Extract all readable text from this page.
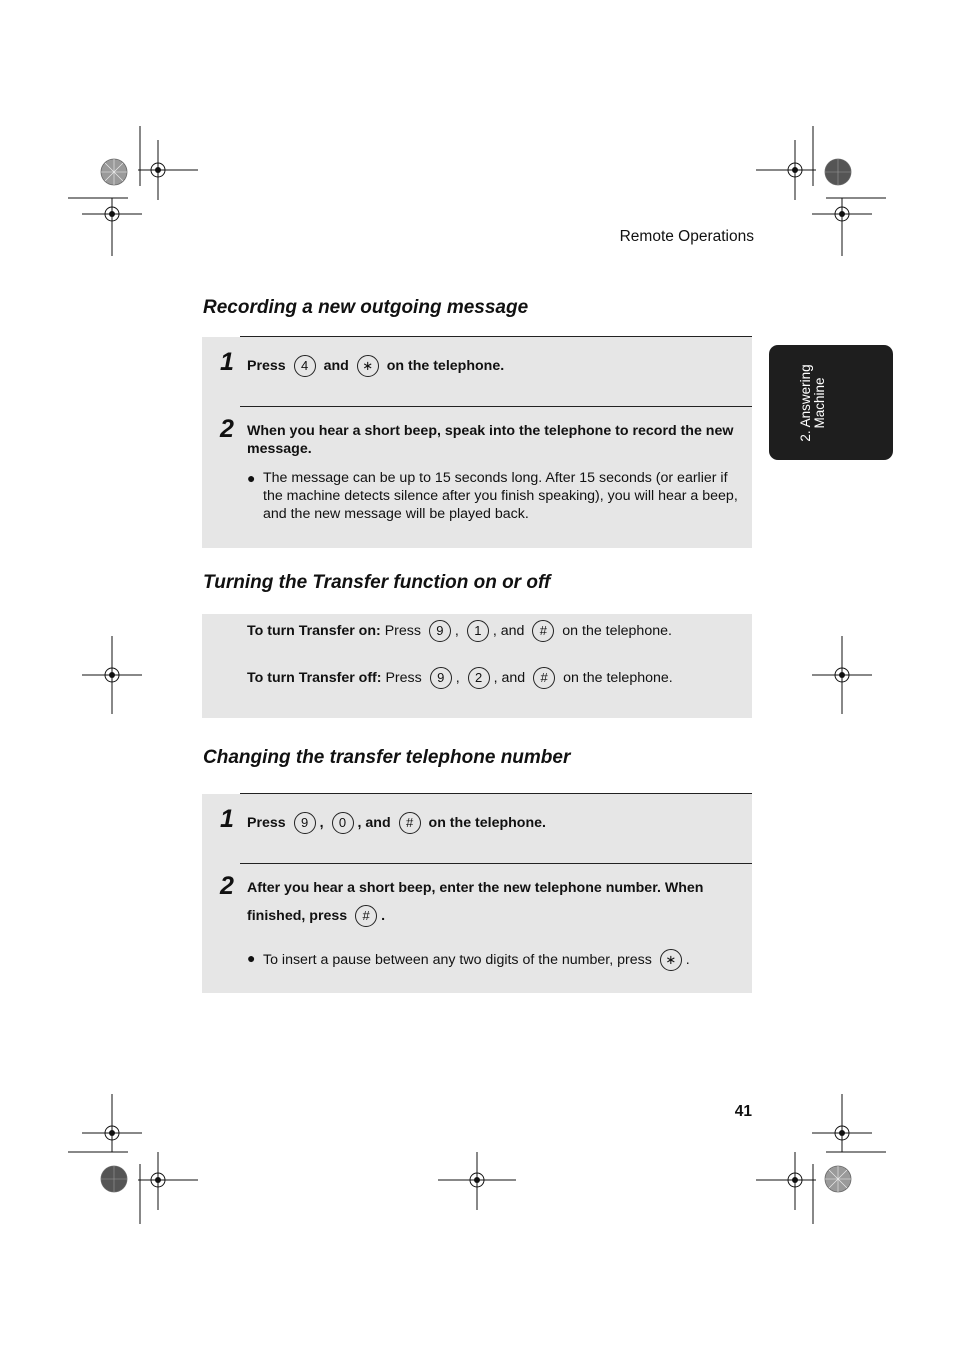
Remote Operations
2. Answering Machine
Recording a new outgoing message
1 Press 4 and ∗ on the telephone.
2 When you hear a short beep, speak into the telephone to record the new message.
● The message can be up to 15 seconds long. After 15 seconds (or earlier if the machine detects silence after you finish speaking), you will hear a beep, and the new message will be played back.
Turning the Transfer function on or off
To turn Transfer on: Press 9 , 1 , and # on the telephone.
To turn Transfer off: Press 9 , 2 , and # on the telephone.
Changing the transfer telephone number
1 Press 9 , 0 , and # on the telephone.
2 After you hear a short beep, enter the new telephone number. When
finished, press # .
● To insert a pause between any two digits of the number, press ∗ .
41
